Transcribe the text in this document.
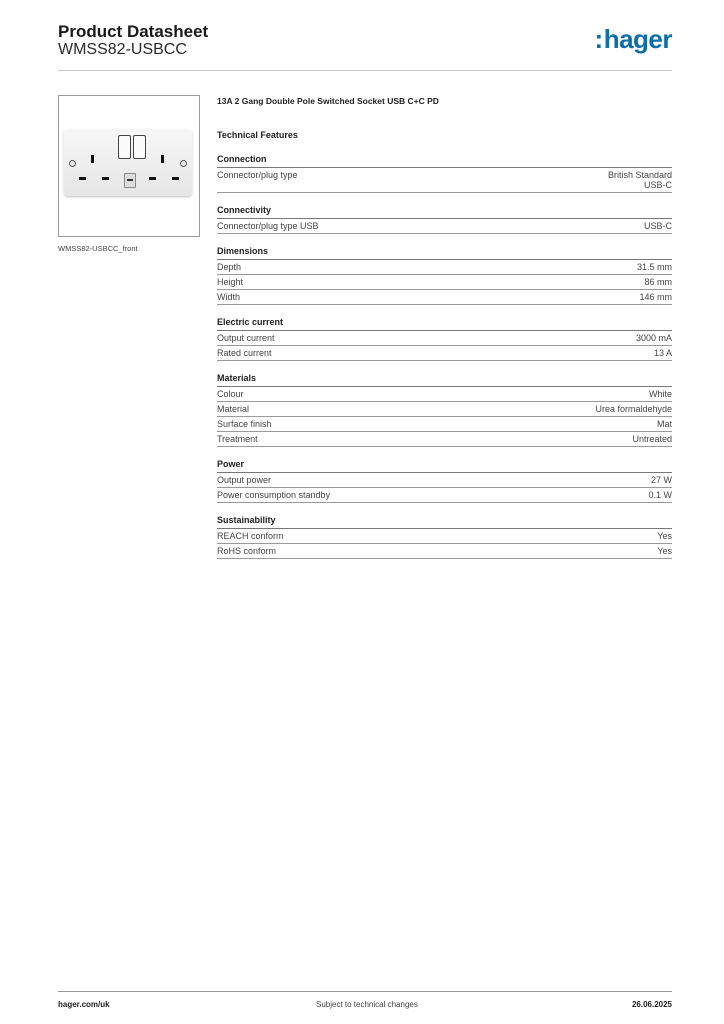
Product Datasheet
WMSS82-USBCC	:hager
WMSS82-USBCC_front
13A 2 Gang Double Pole Switched Socket USB C+C PD
Technical Features
Connection
Connector/plug type	British Standard
USB-C
Connectivity
Connector/plug type USB	USB-C
Dimensions
Depth	31.5 mm
Height	86 mm
Width	146 mm
Electric current
Output current	3000 mA
Rated current	13 A
Materials
Colour	White
Material	Urea formaldehyde
Surface finish	Mat
Treatment	Untreated
Power
Output power	27 W
Power consumption standby	0.1 W
Sustainability
REACH conform	Yes
RoHS conform	Yes
hager.com/uk	Subject to technical changes	26.06.2025
